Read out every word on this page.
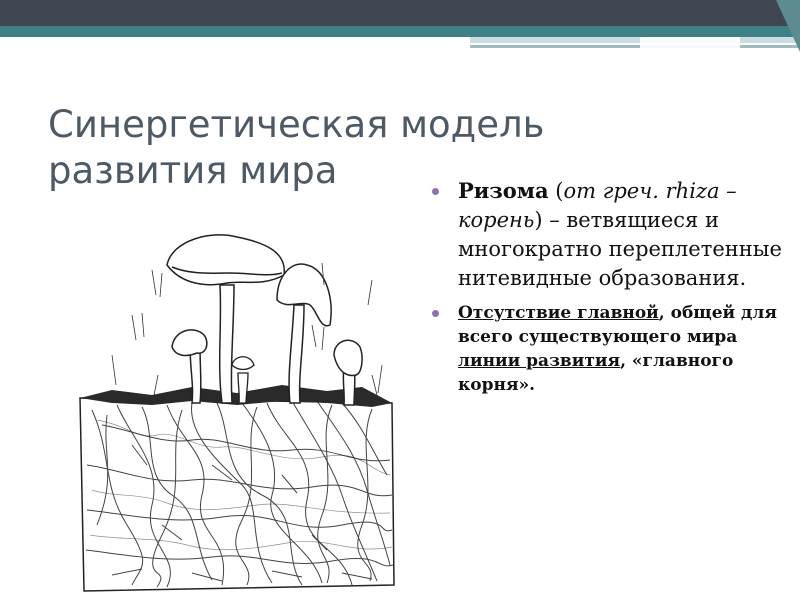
Синергетическая модель развития мира	Ризома (от греч. rhiza – корень) – ветвящиеся и многократно переплетенные нитевидные образования.
Отсутствие главной, общей для всего существующего мира линии развития, «главного корня».
